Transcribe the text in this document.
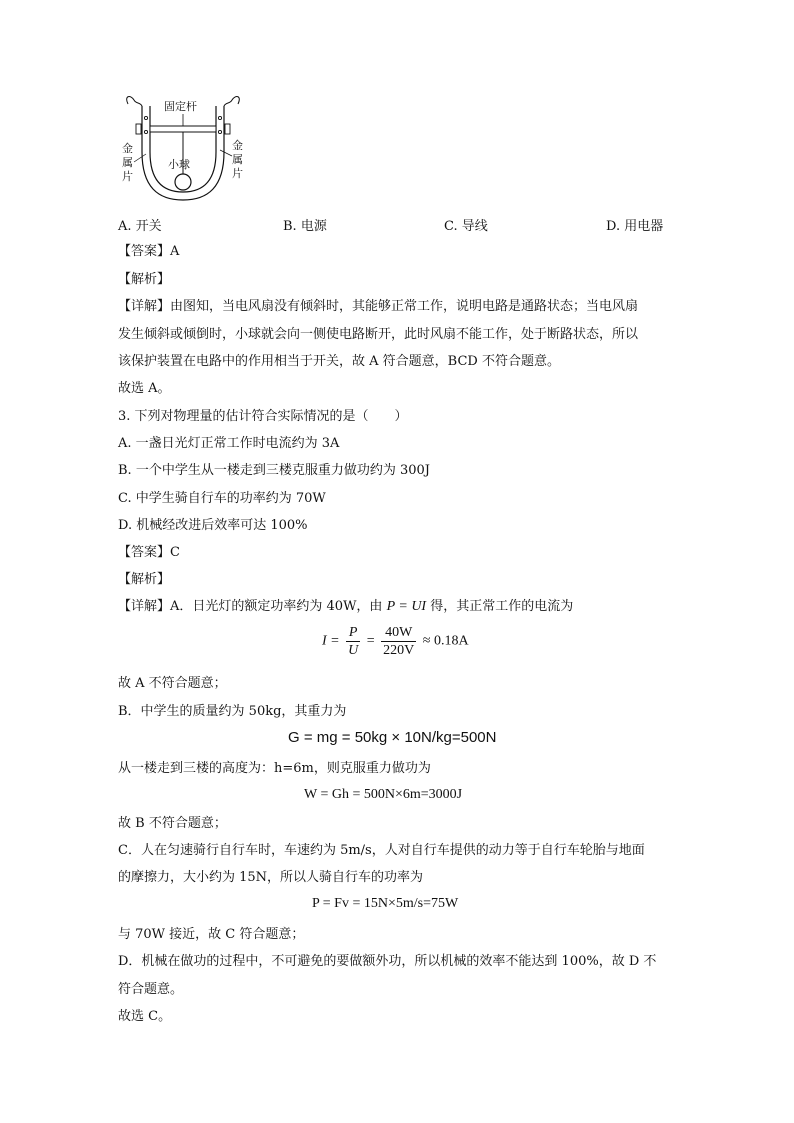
固定杆
金
属
片
金
属
片
小球
A. 开关	B. 电源	C. 导线	D. 用电器
【答案】A
【解析】
【详解】由图知，当电风扇没有倾斜时，其能够正常工作，说明电路是通路状态；当电风扇
发生倾斜或倾倒时，小球就会向一侧使电路断开，此时风扇不能工作，处于断路状态，所以
该保护装置在电路中的作用相当于开关，故 A 符合题意，BCD 不符合题意。
故选 A。
3. 下列对物理量的估计符合实际情况的是（　　）
A. 一盏日光灯正常工作时电流约为 3A
B. 一个中学生从一楼走到三楼克服重力做功约为 300J
C. 中学生骑自行车的功率约为 70W
D. 机械经改进后效率可达 100%
【答案】C
【解析】
【详解】A．日光灯的额定功率约为 40W，由 P = UI 得，其正常工作的电流为
$I = \frac{P}{U} = \frac{40W}{220V} \approx 0.18A$
故 A 不符合题意；
B．中学生的质量约为 50kg，其重力为
G = mg = 50kg × 10N/kg=500N
从一楼走到三楼的高度为：h=6m，则克服重力做功为
W = Gh = 500N×6m=3000J
故 B 不符合题意；
C．人在匀速骑行自行车时，车速约为 5m/s，人对自行车提供的动力等于自行车轮胎与地面
的摩擦力，大小约为 15N，所以人骑自行车的功率为
P = Fv = 15N×5m/s=75W
与 70W 接近，故 C 符合题意；
D．机械在做功的过程中，不可避免的要做额外功，所以机械的效率不能达到 100%，故 D 不
符合题意。
故选 C。
